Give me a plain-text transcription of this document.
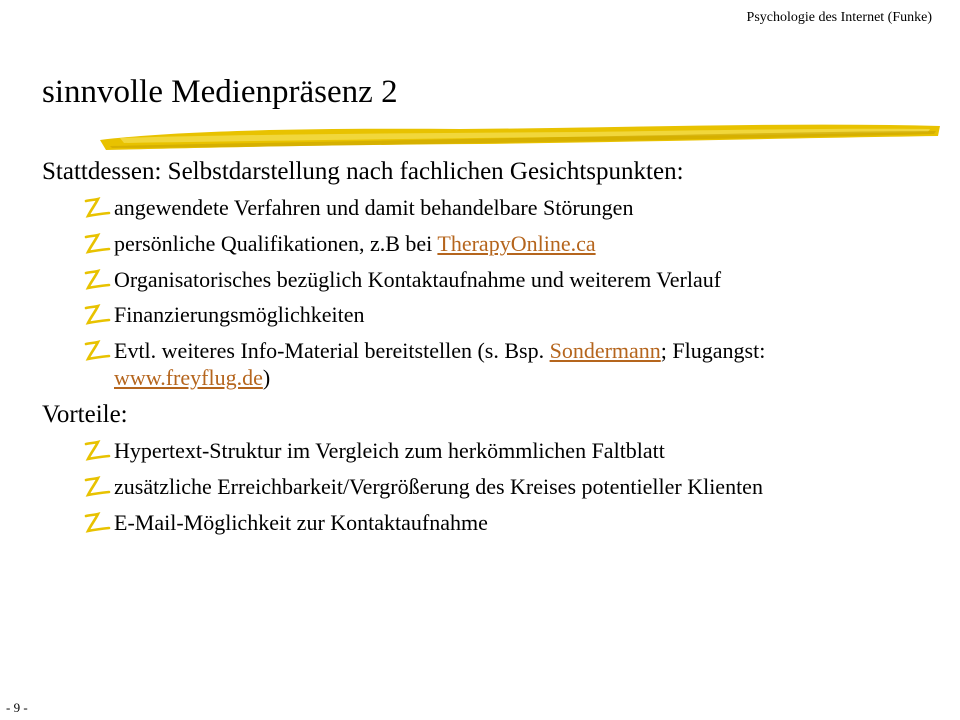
Psychologie des Internet (Funke)
sinnvolle Medienpräsenz 2
Stattdessen: Selbstdarstellung nach fachlichen Gesichtspunkten:
angewendete Verfahren und damit behandelbare Störungen
persönliche Qualifikationen, z.B bei TherapyOnline.ca
Organisatorisches bezüglich Kontaktaufnahme und weiterem Verlauf
Finanzierungsmöglichkeiten
Evtl. weiteres Info-Material bereitstellen (s. Bsp. Sondermann; Flugangst: www.freyflug.de)
Vorteile:
Hypertext-Struktur im Vergleich zum herkömmlichen Faltblatt
zusätzliche Erreichbarkeit/Vergrößerung des Kreises potentieller Klienten
E-Mail-Möglichkeit zur Kontaktaufnahme
- 9 -
